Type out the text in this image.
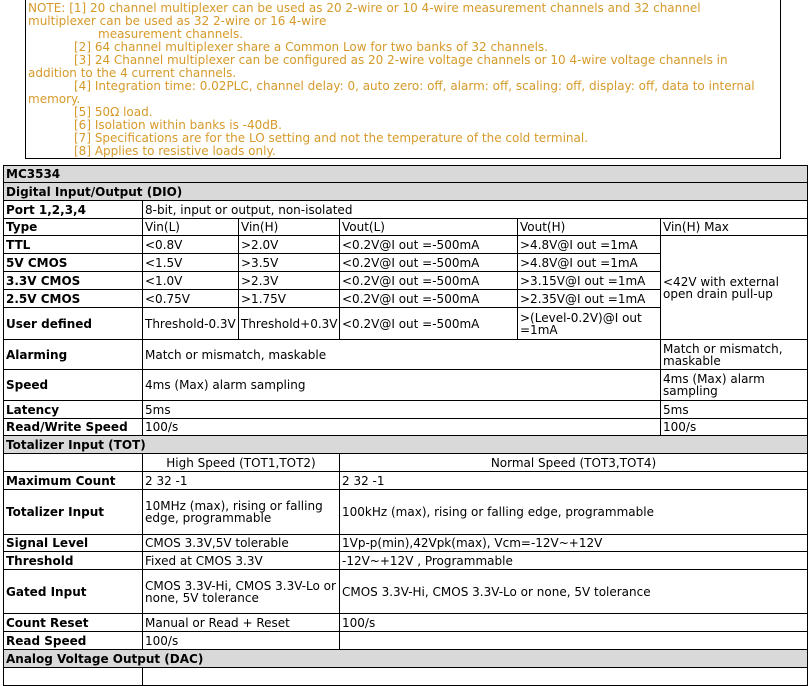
NOTE: [1] 20 channel multiplexer can be used as 20 2-wire or 10 4-wire measurement channels and 32 channel
multiplexer can be used as 32 2-wire or 16 4-wire
measurement channels.
[2] 64 channel multiplexer share a Common Low for two banks of 32 channels.
[3] 24 Channel multiplexer can be configured as 20 2-wire voltage channels or 10 4-wire voltage channels in
addition to the 4 current channels.
[4] Integration time: 0.02PLC, channel delay: 0, auto zero: off, alarm: off, scaling: off, display: off, data to internal
memory.
[5] 50Ω load.
[6] Isolation within banks is -40dB.
[7] Specifications are for the LO setting and not the temperature of the cold terminal.
[8] Applies to resistive loads only.
MC3534					
Digital Input/Output (DIO)					
Port 1,2,3,4	8-bit, input or output, non-isolated				
Type	Vin(L)	Vin(H)	Vout(L)	Vout(H)	Vin(H) Max
TTL	<0.8V	>2.0V	<0.2V@I out =-500mA	>4.8V@I out =1mA	<42V with external open drain pull-up
5V CMOS	<1.5V	>3.5V	<0.2V@I out =-500mA	>4.8V@I out =1mA	
3.3V CMOS	<1.0V	>2.3V	<0.2V@I out =-500mA	>3.15V@I out =1mA	
2.5V CMOS	<0.75V	>1.75V	<0.2V@I out =-500mA	>2.35V@I out =1mA	
User defined	Threshold-0.3V	Threshold+0.3V	<0.2V@I out =-500mA	>(Level-0.2V)@I out =1mA	
Alarming	Match or mismatch, maskable				Match or mismatch, maskable
Speed	4ms (Max) alarm sampling				4ms (Max) alarm sampling
Latency	5ms				5ms
Read/Write Speed	100/s				100/s
Totalizer Input (TOT)					
	High Speed (TOT1,TOT2)		Normal Speed (TOT3,TOT4)		
Maximum Count	2 32 -1		2 32 -1		
Totalizer Input	10MHz (max), rising or falling edge, programmable		100kHz (max), rising or falling edge, programmable		
Signal Level	CMOS 3.3V,5V tolerable		1Vp-p(min),42Vpk(max), Vcm=-12V~+12V		
Threshold	Fixed at CMOS 3.3V		-12V~+12V , Programmable		
Gated Input	CMOS 3.3V-Hi, CMOS 3.3V-Lo or none, 5V tolerance		CMOS 3.3V-Hi, CMOS 3.3V-Lo or none, 5V tolerance		
Count Reset	Manual or Read + Reset		100/s		
Read Speed	100/s				
Analog Voltage Output (DAC)					
